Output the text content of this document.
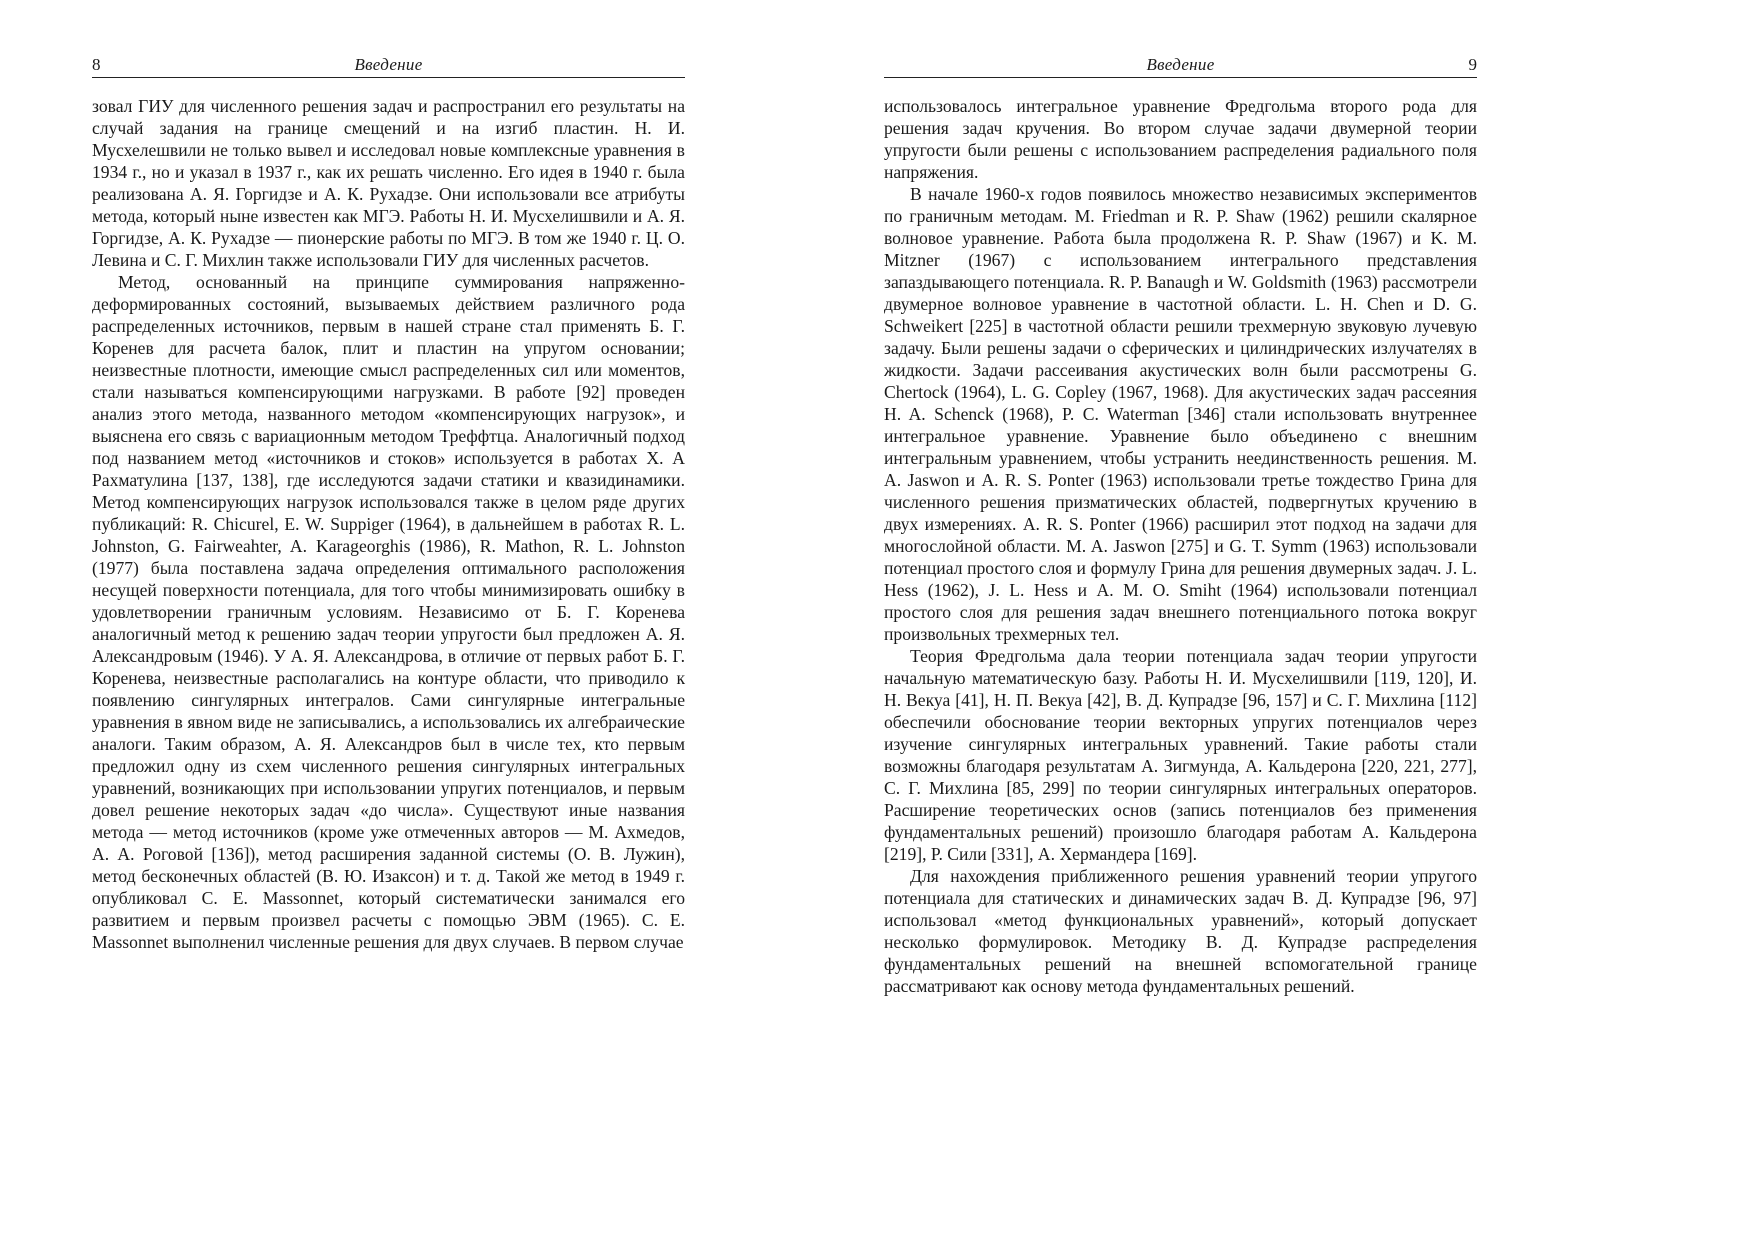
8	Введение

зовал ГИУ для численного решения задач и распространил его результаты на случай задания на границе смещений и на изгиб пластин. Н. И. Мусхелешвили не только вывел и исследовал новые комплексные уравнения в 1934 г., но и указал в 1937 г., как их решать численно. Его идея в 1940 г. была реализована А. Я. Горгидзе и А. К. Рухадзе. Они использовали все атрибуты метода, который ныне известен как МГЭ. Работы Н. И. Мусхелишвили и А. Я. Горгидзе, А. К. Рухадзе — пионерские работы по МГЭ. В том же 1940 г. Ц. О. Левина и С. Г. Михлин также использовали ГИУ для численных расчетов.

Метод, основанный на принципе суммирования напряженно-деформированных состояний, вызываемых действием различного рода распределенных источников, первым в нашей стране стал применять Б. Г. Коренев для расчета балок, плит и пластин на упругом основании; неизвестные плотности, имеющие смысл распределенных сил или моментов, стали называться компенсирующими нагрузками. В работе [92] проведен анализ этого метода, названного методом «компенсирующих нагрузок», и выяснена его связь с вариационным методом Треффтца. Аналогичный подход под названием метод «источников и стоков» используется в работах Х. А Рахматулина [137, 138], где исследуются задачи статики и квазидинамики. Метод компенсирующих нагрузок использовался также в целом ряде других публикаций: R. Chicurel, E. W. Suppiger (1964), в дальнейшем в работах R. L. Johnston, G. Fairweahter, A. Karageorghis (1986), R. Mathon, R. L. Johnston (1977) была поставлена задача определения оптимального расположения несущей поверхности потенциала, для того чтобы минимизировать ошибку в удовлетворении граничным условиям. Независимо от Б. Г. Коренева аналогичный метод к решению задач теории упругости был предложен А. Я. Александровым (1946). У А. Я. Александрова, в отличие от первых работ Б. Г. Коренева, неизвестные располагались на контуре области, что приводило к появлению сингулярных интегралов. Сами сингулярные интегральные уравнения в явном виде не записывались, а использовались их алгебраические аналоги. Таким образом, А. Я. Александров был в числе тех, кто первым предложил одну из схем численного решения сингулярных интегральных уравнений, возникающих при использовании упругих потенциалов, и первым довел решение некоторых задач «до числа». Существуют иные названия метода — метод источников (кроме уже отмеченных авторов — М. Ахмедов, А. А. Роговой [136]), метод расширения заданной системы (О. В. Лужин), метод бесконечных областей (В. Ю. Изаксон) и т. д. Такой же метод в 1949 г. опубликовал C. E. Massonnet, который систематически занимался его развитием и первым произвел расчеты с помощью ЭВМ (1965). C. E. Massonnet выполненил численные решения для двух случаев. В первом случае

Введение	9

использовалось интегральное уравнение Фредгольма второго рода для решения задач кручения. Во втором случае задачи двумерной теории упругости были решены с использованием распределения радиального поля напряжения.

В начале 1960-х годов появилось множество независимых экспериментов по граничным методам. M. Friedman и R. P. Shaw (1962) решили скалярное волновое уравнение. Работа была продолжена R. P. Shaw (1967) и K. M. Mitzner (1967) с использованием интегрального представления запаздывающего потенциала. R. P. Banaugh и W. Goldsmith (1963) рассмотрели двумерное волновое уравнение в частотной области. L. H. Chen и D. G. Schweikert [225] в частотной области решили трехмерную звуковую лучевую задачу. Были решены задачи о сферических и цилиндрических излучателях в жидкости. Задачи рассеивания акустических волн были рассмотрены G. Chertock (1964), L. G. Copley (1967, 1968). Для акустических задач рассеяния H. A. Schenck (1968), P. C. Waterman [346] стали использовать внутреннее интегральное уравнение. Уравнение было объединено с внешним интегральным уравнением, чтобы устранить неединственность решения. M. A. Jaswon и A. R. S. Ponter (1963) использовали третье тождество Грина для численного решения призматических областей, подвергнутых кручению в двух измерениях. A. R. S. Ponter (1966) расширил этот подход на задачи для многослойной области. M. A. Jaswon [275] и G. T. Symm (1963) использовали потенциал простого слоя и формулу Грина для решения двумерных задач. J. L. Hess (1962), J. L. Hess и A. M. O. Smiht (1964) использовали потенциал простого слоя для решения задач внешнего потенциального потока вокруг произвольных трехмерных тел.

Теория Фредгольма дала теории потенциала задач теории упругости начальную математическую базу. Работы Н. И. Мусхелишвили [119, 120], И. Н. Векуа [41], Н. П. Векуа [42], В. Д. Купрадзе [96, 157] и С. Г. Михлина [112] обеспечили обоснование теории векторных упругих потенциалов через изучение сингулярных интегральных уравнений. Такие работы стали возможны благодаря результатам А. Зигмунда, А. Кальдерона [220, 221, 277], С. Г. Михлина [85, 299] по теории сингулярных интегральных операторов. Расширение теоретических основ (запись потенциалов без применения фундаментальных решений) произошло благодаря работам А. Кальдерона [219], Р. Сили [331], А. Хермандера [169].

Для нахождения приближенного решения уравнений теории упругого потенциала для статических и динамических задач В. Д. Купрадзе [96, 97] использовал «метод функциональных уравнений», который допускает несколько формулировок. Методику В. Д. Купрадзе распределения фундаментальных решений на внешней вспомогательной границе рассматривают как основу метода фундаментальных решений.
